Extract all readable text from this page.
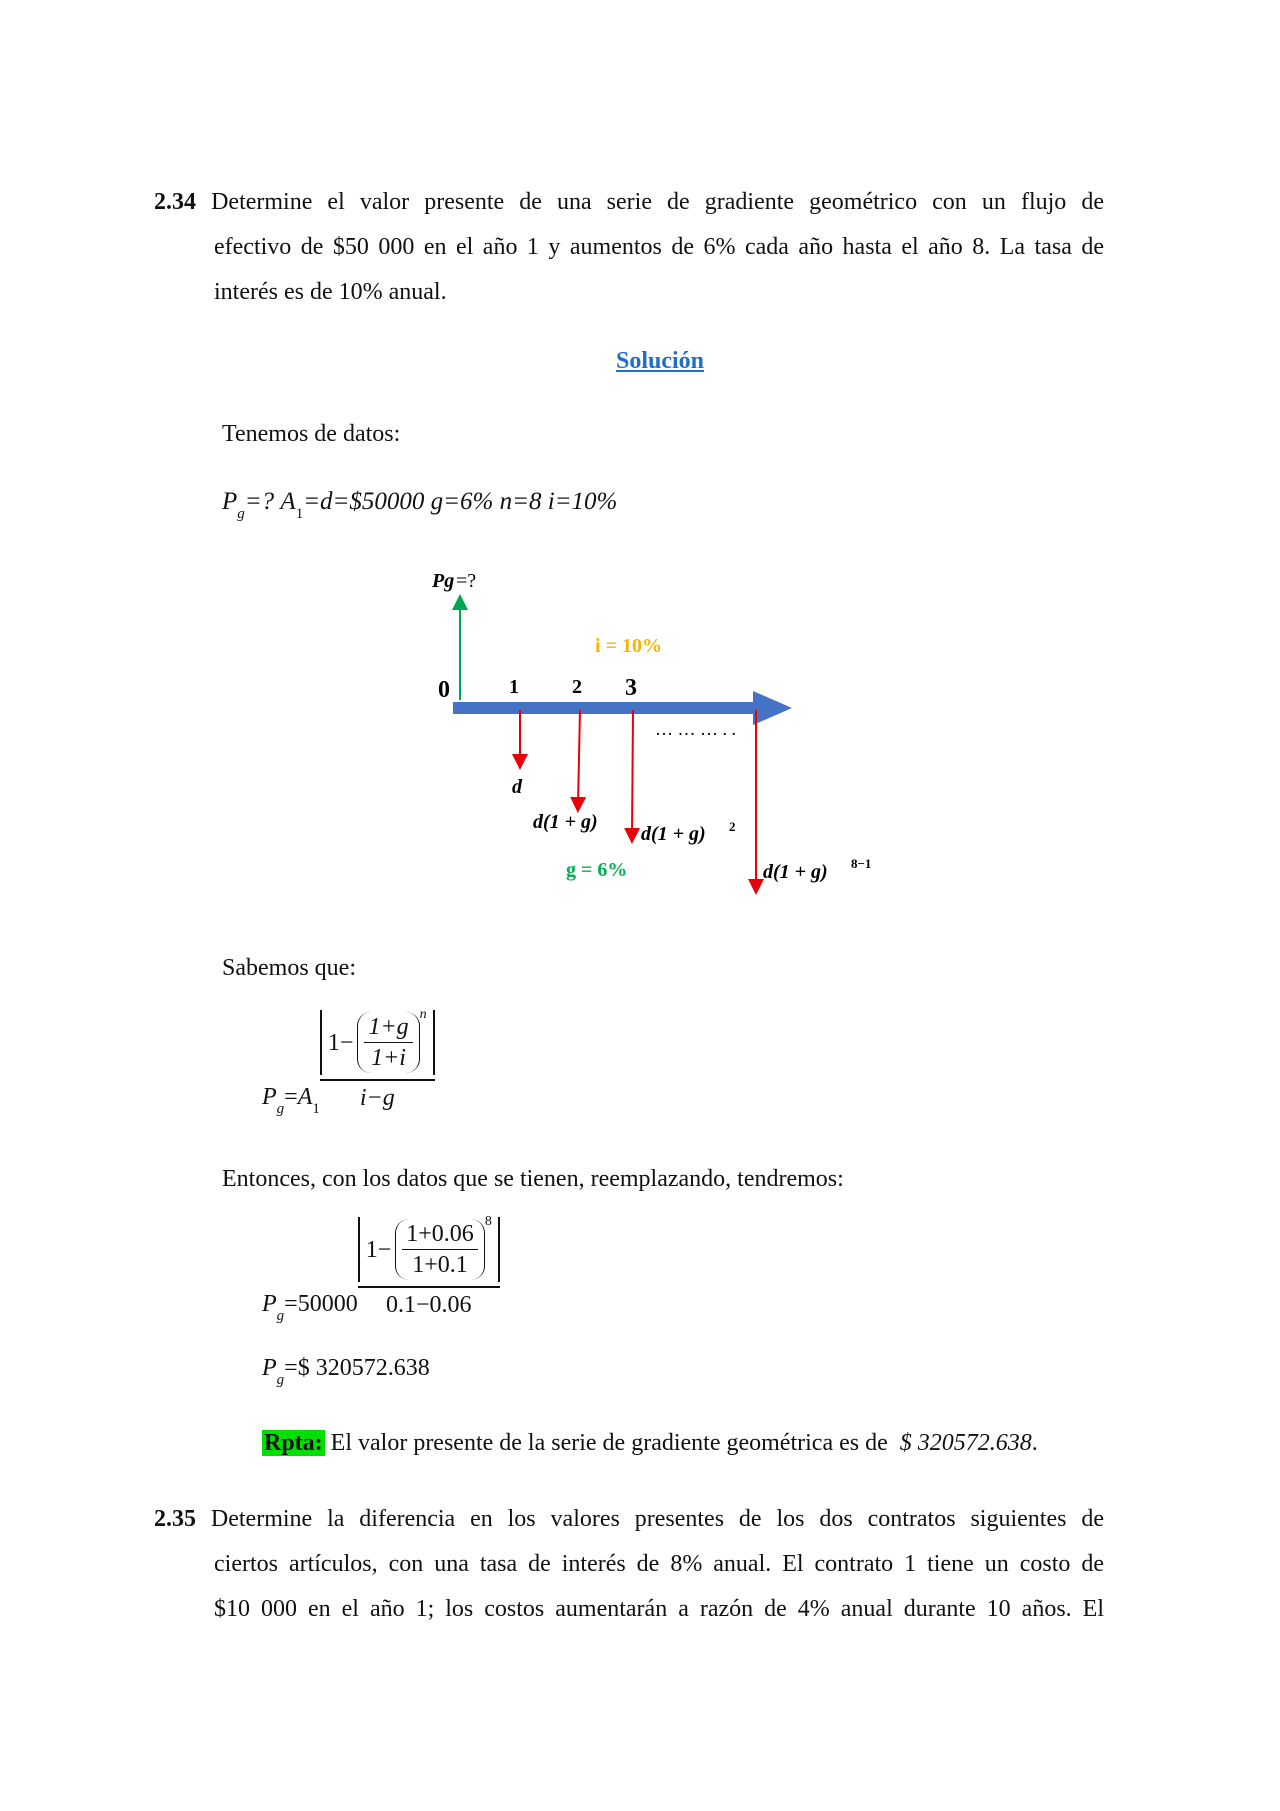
2.34 Determine el valor presente de una serie de gradiente geométrico con un flujo de
efectivo de $50 000 en el año 1 y aumentos de 6% cada año hasta el año 8. La tasa de
interés es de 10% anual.
Solución
Tenemos de datos:
$P_g=$? $A_1=d=\$50000$ g=6% n=8 i=10%
Pg =?
i = 10%
0	1	2 3
… … … . .
d
d(1 + g)
d(1 + g) 2
d(1 + g) 8−1
g = 6%
Sabemos que:
$P_g=A_1 \frac{1- \frac{1+g}{1+i} n}{i-g}$
Entonces, con los datos que se tienen, reemplazando, tendremos:
$P_g=50000 \frac{1- \frac{1+0.06}{1+0.1} 8}{0.1-0.06}$
$P_g=\$$ 320572.638
Rpta: El valor presente de la serie de gradiente geométrica es de $ 320572.638.
2.35 Determine la diferencia en los valores presentes de los dos contratos siguientes de
ciertos artículos, con una tasa de interés de 8% anual. El contrato 1 tiene un costo de
$10 000 en el año 1; los costos aumentarán a razón de 4% anual durante 10 años. El
